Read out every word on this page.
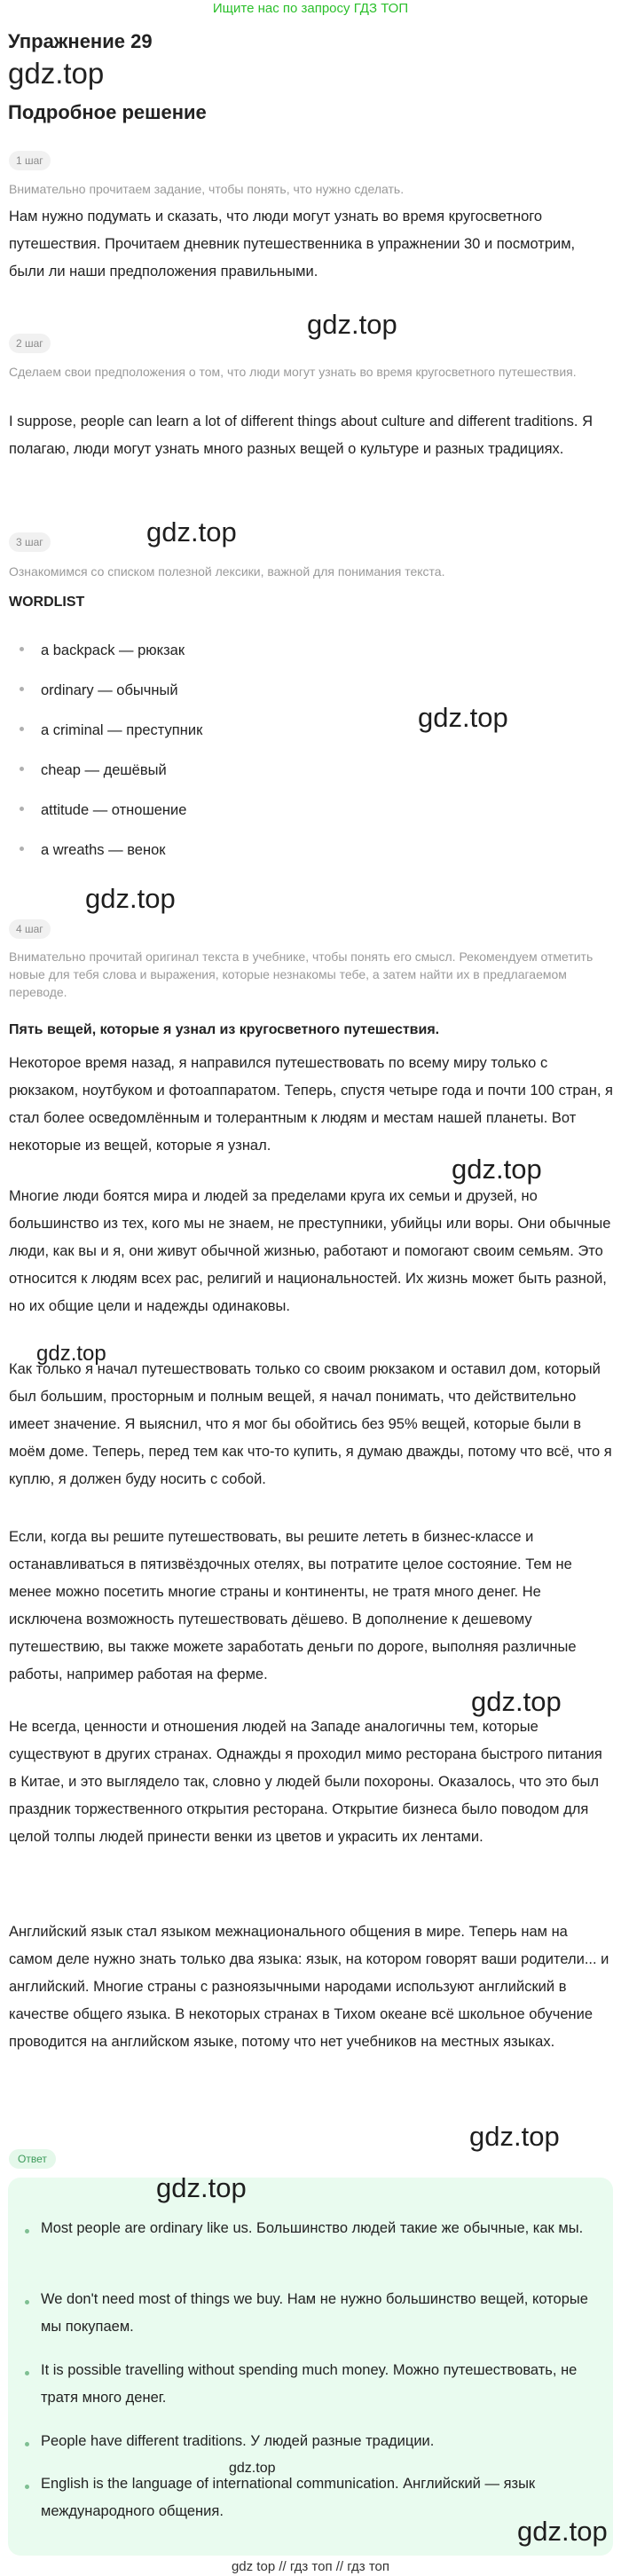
Ищите нас по запросу ГДЗ ТОП
Упражнение 29
gdz.top
Подробное решение
1 шаг
Внимательно прочитаем задание, чтобы понять, что нужно сделать.
Нам нужно подумать и сказать, что люди могут узнать во время кругосветного путешествия. Прочитаем дневник путешественника в упражнении 30 и посмотрим, были ли наши предположения правильными.
gdz.top
2 шаг
Сделаем свои предположения о том, что люди могут узнать во время кругосветного путешествия.
I suppose, people can learn a lot of different things about culture and different traditions. Я полагаю, люди могут узнать много разных вещей о культуре и разных традициях.
gdz.top
3 шаг
Ознакомимся со списком полезной лексики, важной для понимания текста.
WORDLIST
a backpack — рюкзак
ordinary — обычный
a criminal — преступник
cheap — дешёвый
attitude — отношение
a wreaths — венок
gdz.top
gdz.top
4 шаг
Внимательно прочитай оригинал текста в учебнике, чтобы понять его смысл. Рекомендуем отметить новые для тебя слова и выражения, которые незнакомы тебе, а затем найти их в предлагаемом переводе.
Пять вещей, которые я узнал из кругосветного путешествия.
Некоторое время назад, я направился путешествовать по всему миру только с рюкзаком, ноутбуком и фотоаппаратом. Теперь, спустя четыре года и почти 100 стран, я стал более осведомлённым и толерантным к людям и местам нашей планеты. Вот некоторые из вещей, которые я узнал.
Многие люди боятся мира и людей за пределами круга их семьи и друзей, но большинство из тех, кого мы не знаем, не преступники, убийцы или воры. Они обычные люди, как вы и я, они живут обычной жизнью, работают и помогают своим семьям. Это относится к людям всех рас, религий и национальностей. Их жизнь может быть разной, но их общие цели и надежды одинаковы.
Как только я начал путешествовать только со своим рюкзаком и оставил дом, который был большим, просторным и полным вещей, я начал понимать, что действительно имеет значение. Я выяснил, что я мог бы обойтись без 95% вещей, которые были в моём доме. Теперь, перед тем как что-то купить, я думаю дважды, потому что всё, что я куплю, я должен буду носить с собой.
Если, когда вы решите путешествовать, вы решите лететь в бизнес-классе и останавливаться в пятизвёздочных отелях, вы потратите целое состояние. Тем не менее можно посетить многие страны и континенты, не тратя много денег. Не исключена возможность путешествовать дёшево. В дополнение к дешевому путешествию, вы также можете заработать деньги по дороге, выполняя различные работы, например работая на ферме.
Не всегда, ценности и отношения людей на Западе аналогичны тем, которые существуют в других странах. Однажды я проходил мимо ресторана быстрого питания в Китае, и это выглядело так, словно у людей были похороны. Оказалось, что это был праздник торжественного открытия ресторана. Открытие бизнеса было поводом для целой толпы людей принести венки из цветов и украсить их лентами.
Английский язык стал языком межнационального общения в мире. Теперь нам на самом деле нужно знать только два языка: язык, на котором говорят ваши родители... и английский. Многие страны с разноязычными народами используют английский в качестве общего языка. В некоторых странах в Тихом океане всё школьное обучение проводится на английском языке, потому что нет учебников на местных языках.
gdz.top
gdz.top
gdz.top
gdz.top
Ответ
gdz.top
Most people are ordinary like us. Большинство людей такие же обычные, как мы.
We don't need most of things we buy. Нам не нужно большинство вещей, которые мы покупаем.
It is possible travelling without spending much money. Можно путешествовать, не тратя много денег.
People have different traditions. У людей разные традиции.
gdz.top
English is the language of international communication. Английский — язык международного общения.
gdz.top
gdz top // гдз топ // гдз топ
